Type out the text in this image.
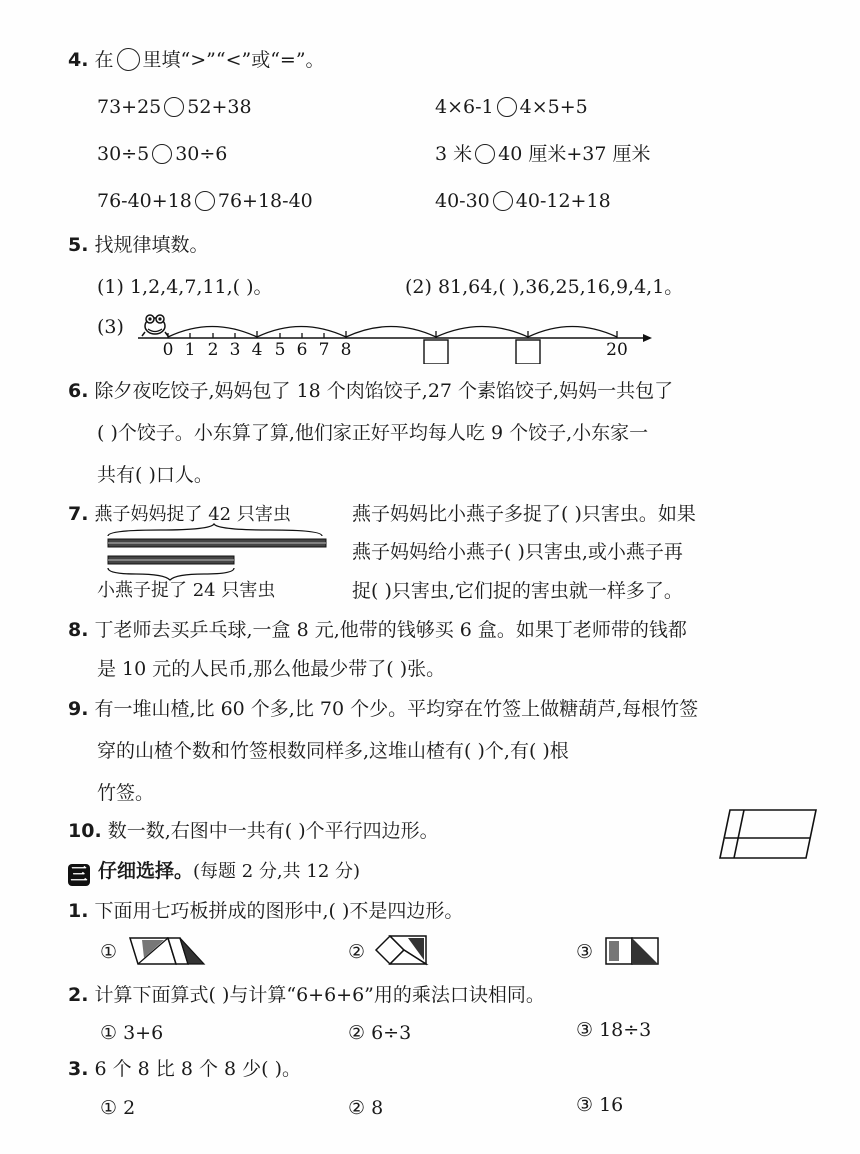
4. 在 里填“>”“<”或“=”。
73+25 52+38	4×6-1 4×5+5
30÷5 30÷6	3 米 40 厘米+37 厘米
76-40+18 76+18-40	40-30 40-12+18
5. 找规律填数。
(1) 1,2,4,7,11,( )。	(2) 81,64,( ),36,25,16,9,4,1。
(3)
0 1 2 3 4 5 6 7 8	20
6. 除夕夜吃饺子,妈妈包了 18 个肉馅饺子,27 个素馅饺子,妈妈一共包了
( )个饺子。小东算了算,他们家正好平均每人吃 9 个饺子,小东家一
共有( )口人。
7. 燕子妈妈捉了 42 只害虫
小燕子捉了 24 只害虫
燕子妈妈比小燕子多捉了( )只害虫。如果
燕子妈妈给小燕子( )只害虫,或小燕子再
捉( )只害虫,它们捉的害虫就一样多了。
8. 丁老师去买乒乓球,一盒 8 元,他带的钱够买 6 盒。如果丁老师带的钱都
是 10 元的人民币,那么他最少带了( )张。
9. 有一堆山楂,比 60 个多,比 70 个少。平均穿在竹签上做糖葫芦,每根竹签
穿的山楂个数和竹签根数同样多,这堆山楂有( )个,有( )根
竹签。
10. 数一数,右图中一共有( )个平行四边形。
三 仔细选择。(每题 2 分,共 12 分)
1. 下面用七巧板拼成的图形中,( )不是四边形。
①	②	③
2. 计算下面算式( )与计算“6+6+6”用的乘法口诀相同。
① 3+6	② 6÷3	③ 18÷3
3. 6 个 8 比 8 个 8 少( )。
① 2	② 8	③ 16
